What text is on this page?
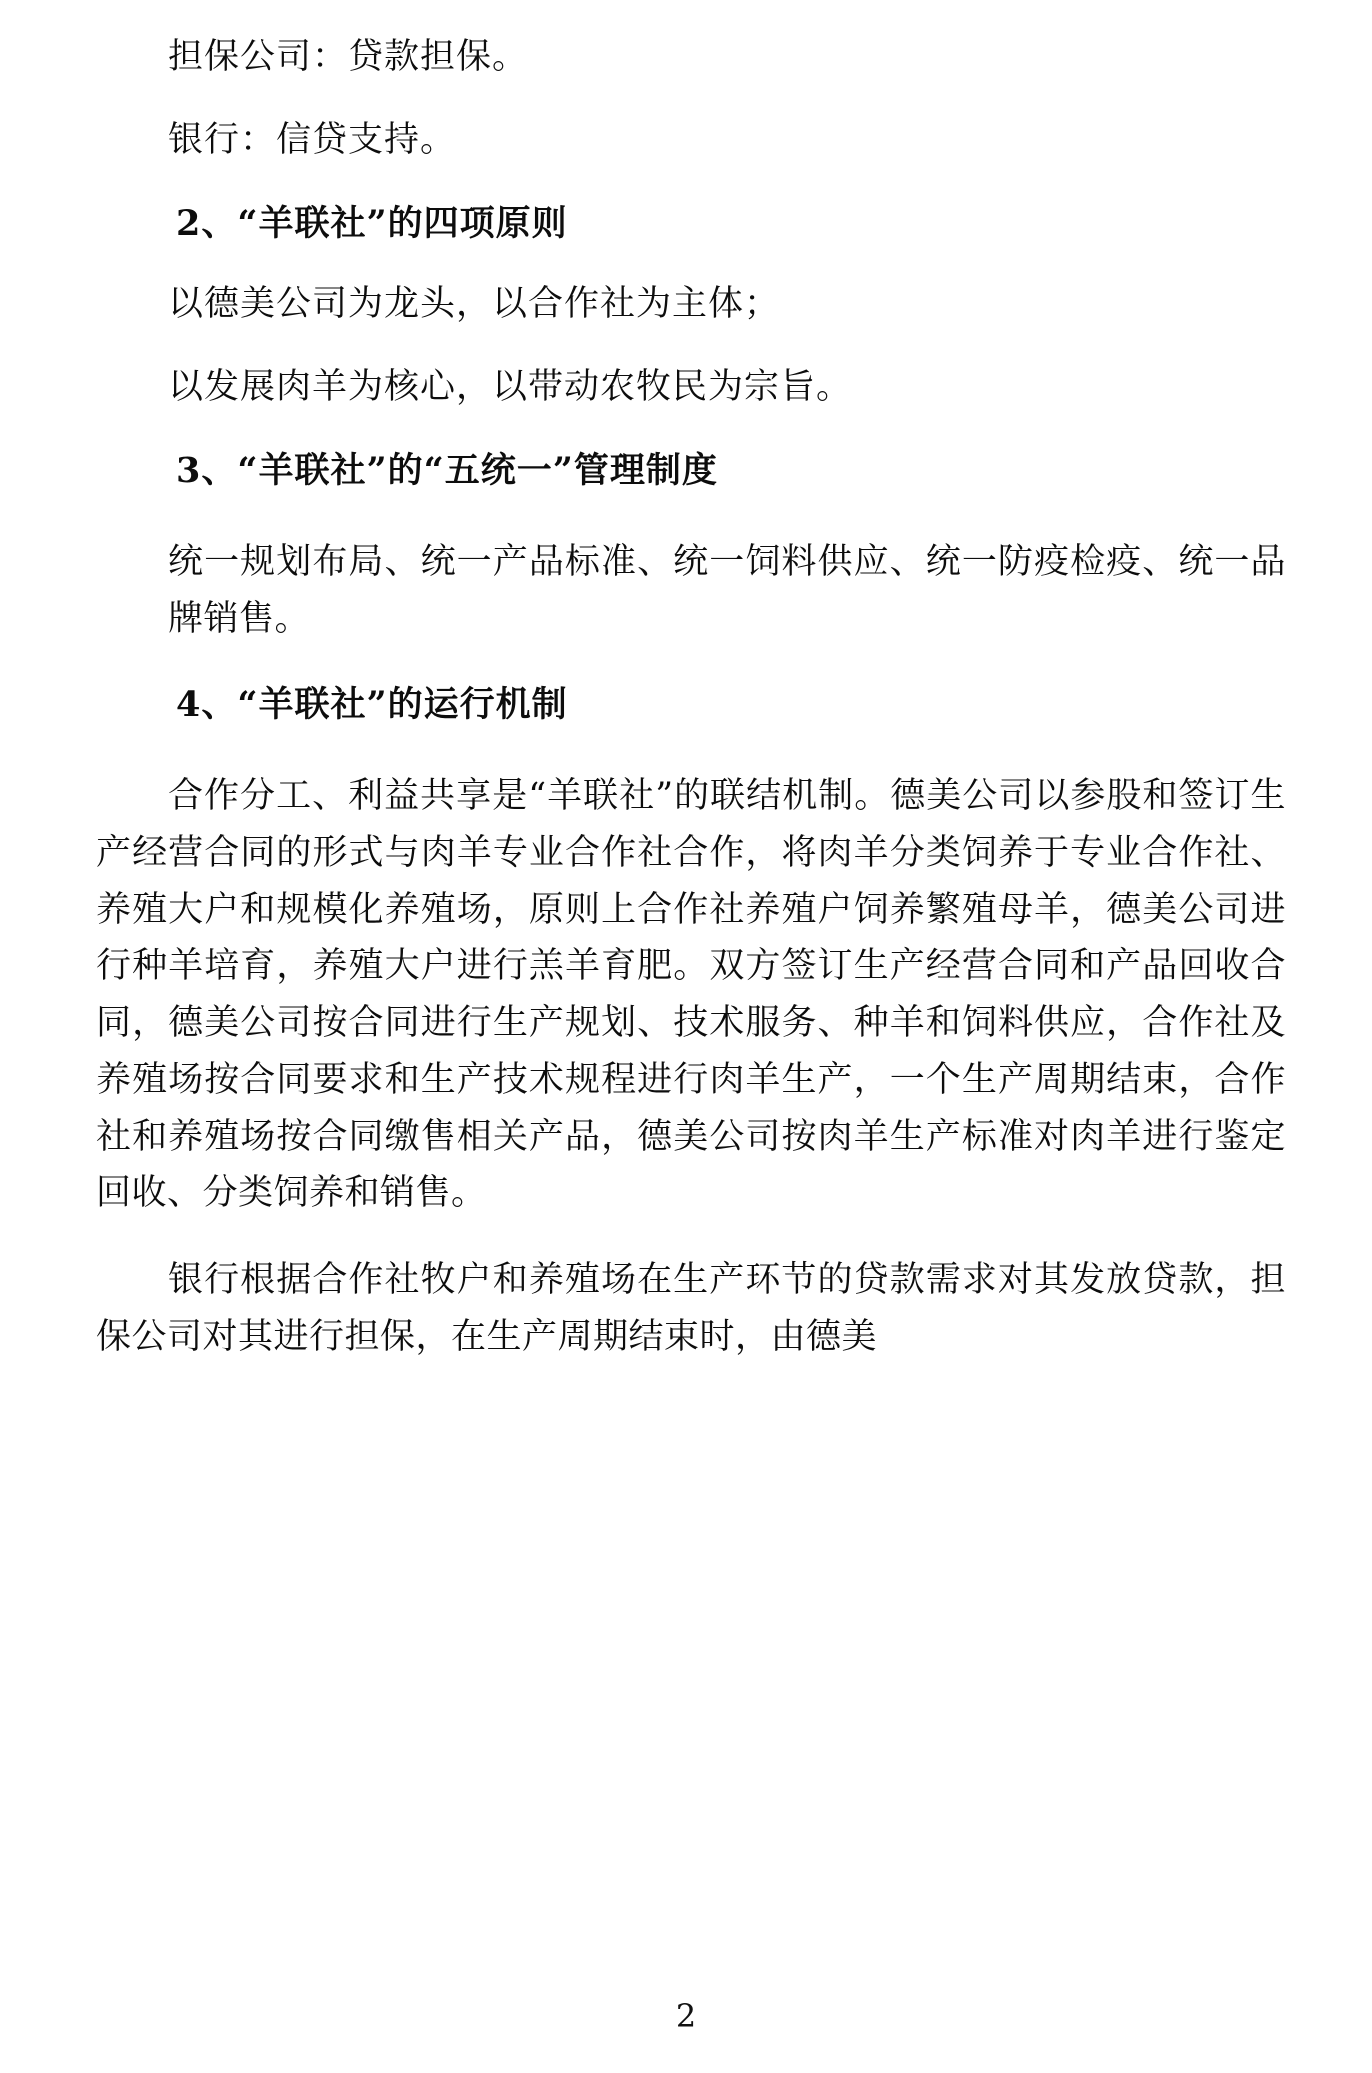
担保公司：贷款担保。

银行：信贷支持。

2、“羊联社”的四项原则

以德美公司为龙头，以合作社为主体；

以发展肉羊为核心，以带动农牧民为宗旨。

3、“羊联社”的“五统一”管理制度

统一规划布局、统一产品标准、统一饲料供应、统一防疫检疫、统一品牌销售。

4、“羊联社”的运行机制

合作分工、利益共享是“羊联社”的联结机制。德美公司以参股和签订生产经营合同的形式与肉羊专业合作社合作，将肉羊分类饲养于专业合作社、养殖大户和规模化养殖场，原则上合作社养殖户饲养繁殖母羊，德美公司进行种羊培育，养殖大户进行羔羊育肥。双方签订生产经营合同和产品回收合同，德美公司按合同进行生产规划、技术服务、种羊和饲料供应，合作社及养殖场按合同要求和生产技术规程进行肉羊生产，一个生产周期结束，合作社和养殖场按合同缴售相关产品，德美公司按肉羊生产标准对肉羊进行鉴定回收、分类饲养和销售。

银行根据合作社牧户和养殖场在生产环节的贷款需求对其发放贷款，担保公司对其进行担保，在生产周期结束时，由德美

2
